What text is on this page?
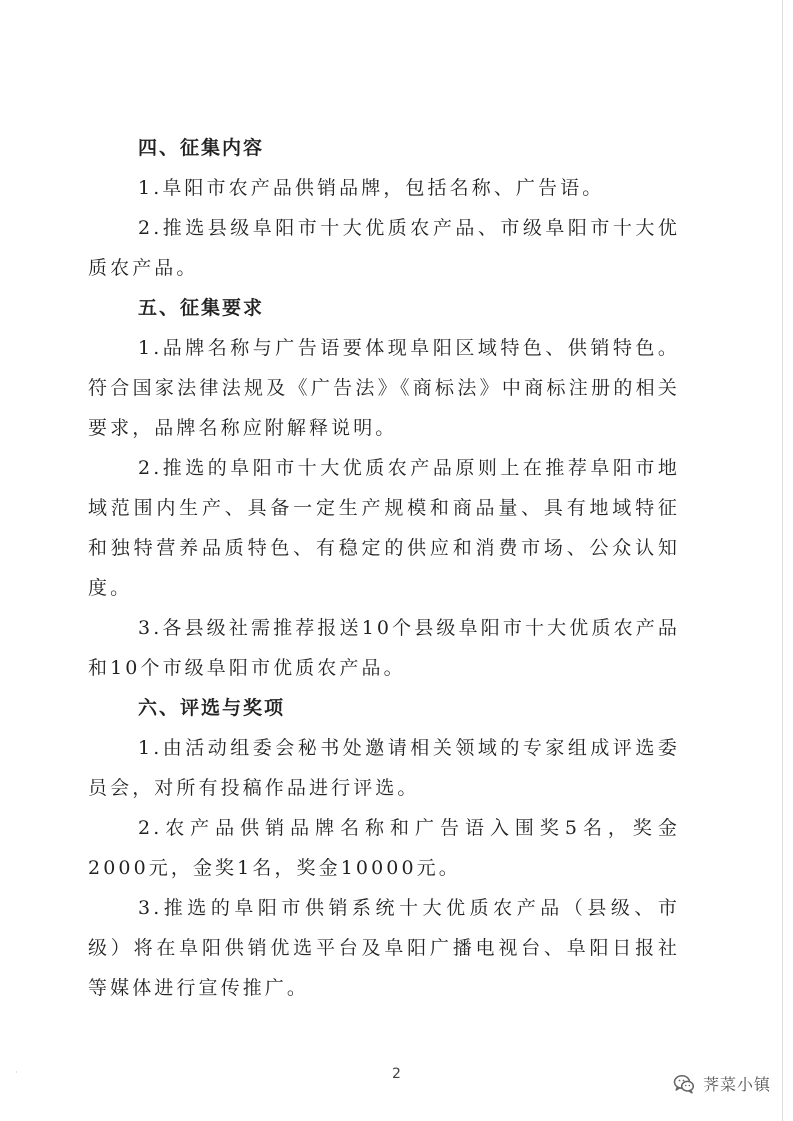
四、征集内容

1.阜阳市农产品供销品牌，包括名称、广告语。

2.推选县级阜阳市十大优质农产品、市级阜阳市十大优质农产品。

五、征集要求

1.品牌名称与广告语要体现阜阳区域特色、供销特色。符合国家法律法规及《广告法》《商标法》中商标注册的相关要求，品牌名称应附解释说明。

2.推选的阜阳市十大优质农产品原则上在推荐阜阳市地域范围内生产、具备一定生产规模和商品量、具有地域特征和独特营养品质特色、有稳定的供应和消费市场、公众认知度。

3.各县级社需推荐报送10个县级阜阳市十大优质农产品和10个市级阜阳市优质农产品。

六、评选与奖项

1.由活动组委会秘书处邀请相关领域的专家组成评选委员会，对所有投稿作品进行评选。

2.农产品供销品牌名称和广告语入围奖5名，奖金2000元，金奖1名，奖金10000元。

3.推选的阜阳市供销系统十大优质农产品（县级、市级）将在阜阳供销优选平台及阜阳广播电视台、阜阳日报社等媒体进行宣传推广。

·	2
荠菜小镇
